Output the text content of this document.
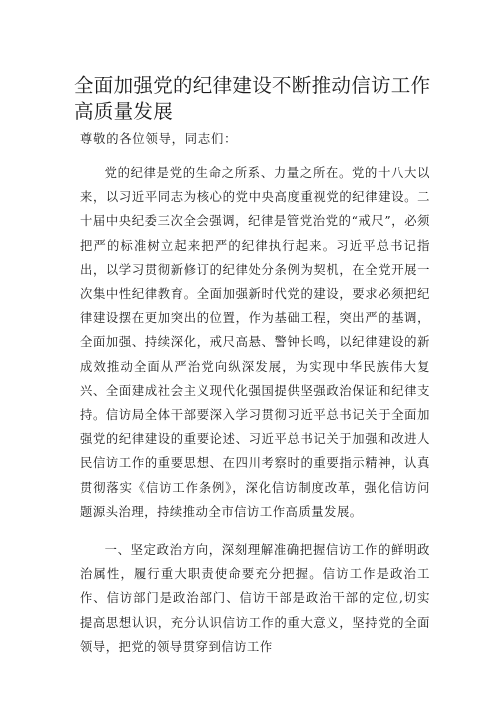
全面加强党的纪律建设不断推动信访工作高质量发展

尊敬的各位领导，同志们：

党的纪律是党的生命之所系、力量之所在。党的十八大以来，以习近平同志为核心的党中央高度重视党的纪律建设。二十届中央纪委三次全会强调，纪律是管党治党的“戒尺”，必须把严的标准树立起来把严的纪律执行起来。习近平总书记指出，以学习贯彻新修订的纪律处分条例为契机，在全党开展一次集中性纪律教育。全面加强新时代党的建设，要求必须把纪律建设摆在更加突出的位置，作为基础工程，突出严的基调，全面加强、持续深化，戒尺高悬、警钟长鸣，以纪律建设的新成效推动全面从严治党向纵深发展，为实现中华民族伟大复兴、全面建成社会主义现代化强国提供坚强政治保证和纪律支持。信访局全体干部要深入学习贯彻习近平总书记关于全面加强党的纪律建设的重要论述、习近平总书记关于加强和改进人民信访工作的重要思想、在四川考察时的重要指示精神，认真贯彻落实《信访工作条例》，深化信访制度改革，强化信访问题源头治理，持续推动全市信访工作高质量发展。

一、坚定政治方向，深刻理解准确把握信访工作的鲜明政治属性，履行重大职责使命要充分把握。信访工作是政治工作、信访部门是政治部门、信访干部是政治干部的定位,切实提高思想认识，充分认识信访工作的重大意义，坚持党的全面领导，把党的领导贯穿到信访工作
